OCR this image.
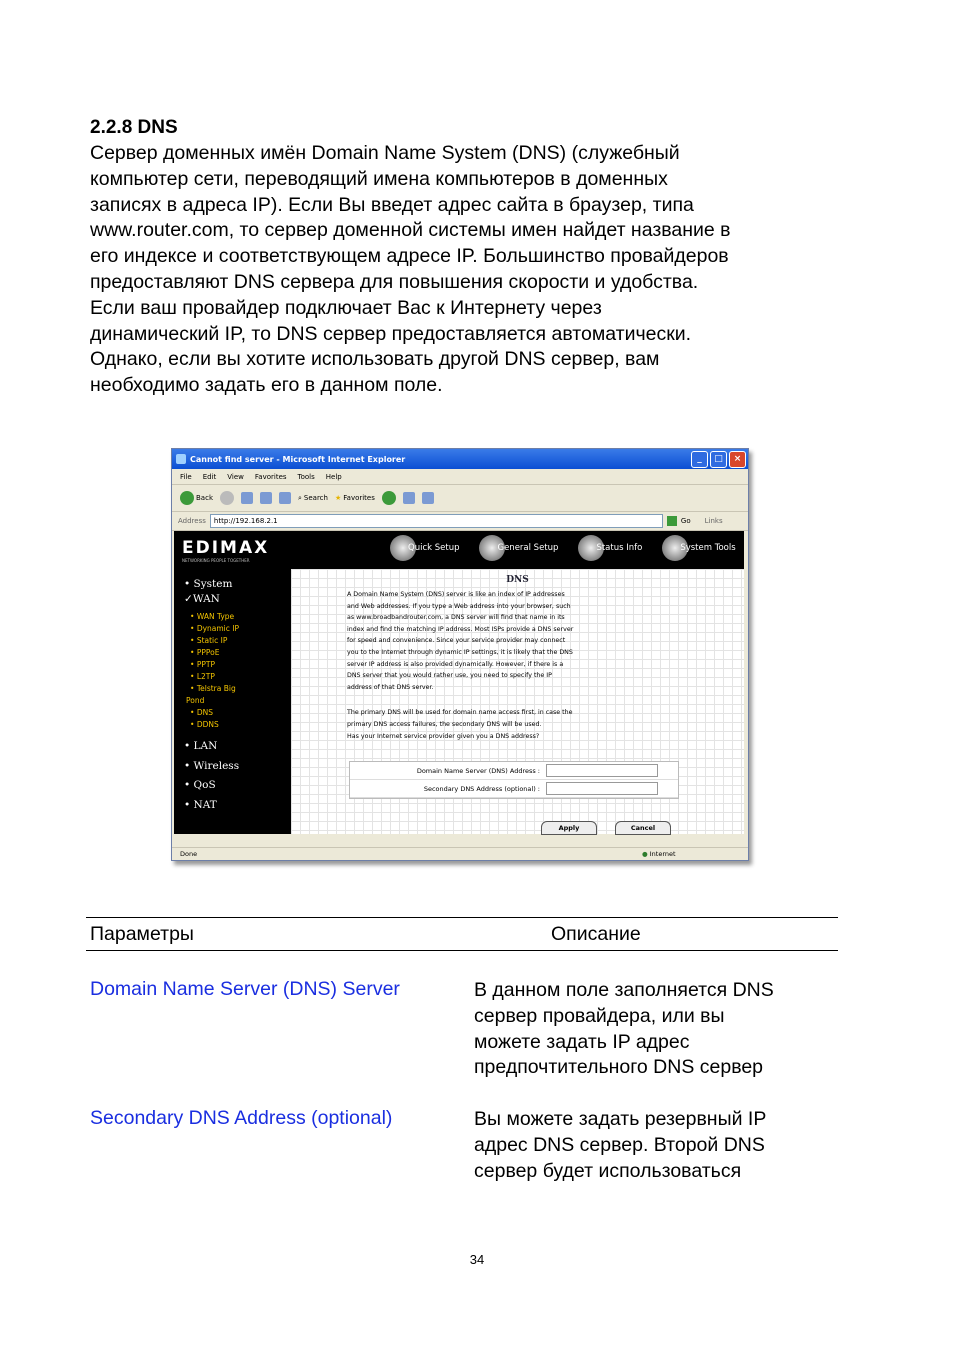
2.2.8 DNS
Сервер доменных имён Domain Name System (DNS) (служебный
компьютер сети, переводящий имена компьютеров в доменных
записях в адреса IP). Если Вы введет адрес сайта в браузер, типа
www.router.com, то сервер доменной системы имен найдет название в
его индексе и соответствующем адресе IP. Большинство провайдеров
предоставляют DNS сервера для повышения скорости и удобства.
Если ваш провайдер подключает Вас к Интернету через
динамический IP, то DNS сервер предоставляется автоматически.
Однако, если вы хотите использовать другой DNS сервер, вам
необходимо задать его в данном поле.
Cannot find server - Microsoft Internet Explorer	_	□	×
File Edit View Favorites Tools Help
Back	⌕ Search ★ Favorites
Address	http://192.168.2.1	Go Links
EDIMAX
NETWORKING PEOPLE TOGETHER
Quick Setup	General Setup	Status Info	System Tools
• System
✓WAN
• WAN Type
• Dynamic IP
• Static IP
• PPPoE
• PPTP
• L2TP
• Telstra Big
Pond
• DNS
• DDNS
• LAN
• Wireless
• QoS
• NAT
DNS

A Domain Name System (DNS) server is like an index of IP addresses
and Web addresses. If you type a Web address into your browser, such
as www.broadbandrouter.com, a DNS server will find that name in its
index and find the matching IP address. Most ISPs provide a DNS server
for speed and convenience. Since your service provider may connect
you to the Internet through dynamic IP settings, it is likely that the DNS
server IP address is also provided dynamically. However, if there is a
DNS server that you would rather use, you need to specify the IP
address of that DNS server.

The primary DNS will be used for domain name access first, in case the
primary DNS access failures, the secondary DNS will be used.
Has your Internet service provider given you a DNS address?

Domain Name Server (DNS) Address :
Secondary DNS Address (optional) :
Apply	Cancel
Done	● Internet
Параметры	Описание
Domain Name Server (DNS) Server	В данном поле заполняется DNS
сервер провайдера, или вы
можете задать IP адрес
предпочтительного DNS сервер
Secondary DNS Address (optional)	Вы можете задать резервный IP
адрес DNS сервер. Второй DNS
сервер будет использоваться
34
